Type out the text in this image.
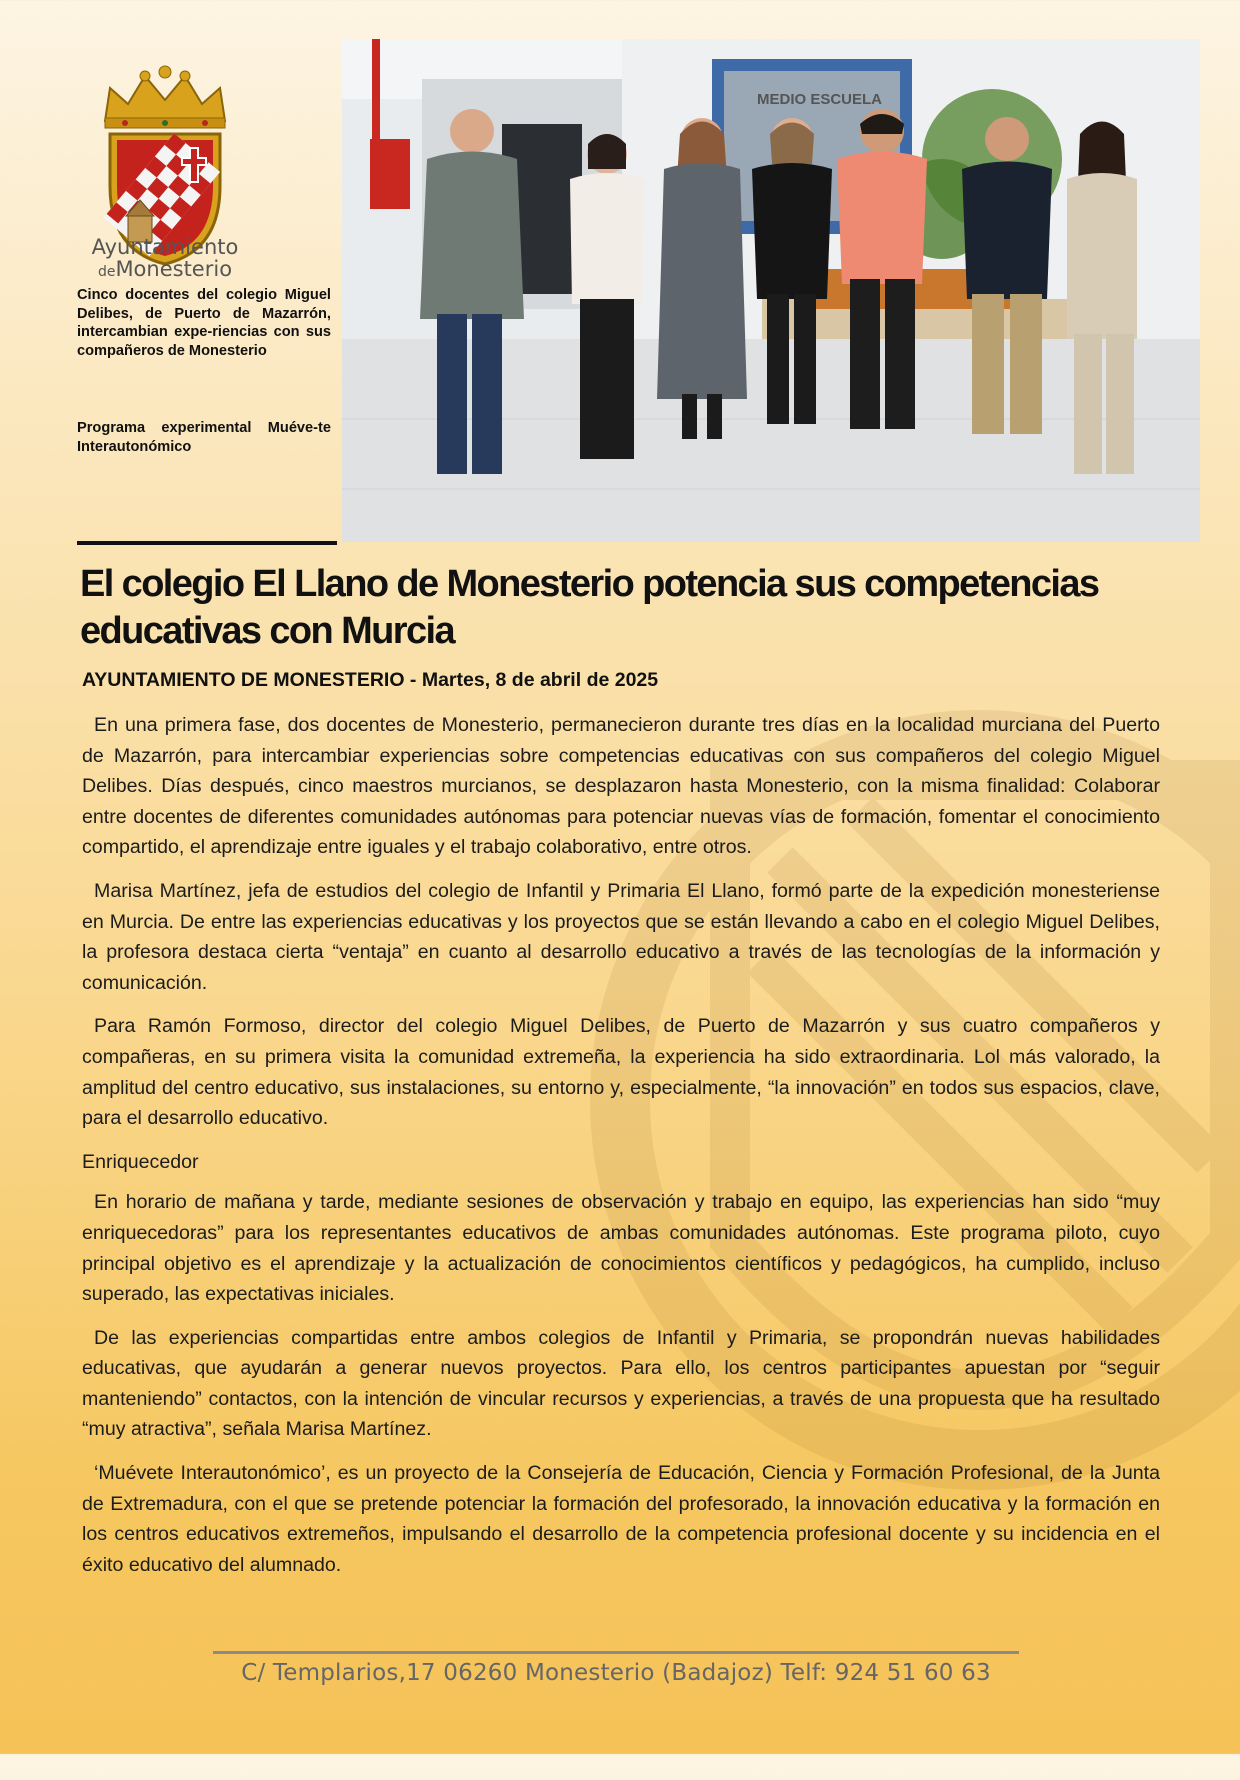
Ayuntamiento
deMonesterio
Cinco docentes del colegio Miguel Delibes, de Puerto de Mazarrón, intercambian expe-riencias con sus compañeros de Monesterio
Programa experimental Muéve-te Interautonómico
MEDIO ESCUELA
El colegio El Llano de Monesterio potencia sus competencias educativas con Murcia

AYUNTAMIENTO DE MONESTERIO - Martes, 8 de abril de 2025

En una primera fase, dos docentes de Monesterio, permanecieron durante tres días en la localidad murciana del Puerto de Mazarrón, para intercambiar experiencias sobre competencias educativas con sus compañeros del colegio Miguel Delibes. Días después, cinco maestros murcianos, se desplazaron hasta Monesterio, con la misma finalidad: Colaborar entre docentes de diferentes comunidades autónomas para potenciar nuevas vías de formación, fomentar el conocimiento compartido, el aprendizaje entre iguales y el trabajo colaborativo, entre otros.

Marisa Martínez, jefa de estudios del colegio de Infantil y Primaria El Llano, formó parte de la expedición monesteriense en Murcia. De entre las experiencias educativas y los proyectos que se están llevando a cabo en el colegio Miguel Delibes, la profesora destaca cierta “ventaja” en cuanto al desarrollo educativo a través de las tecnologías de la información y comunicación.

Para Ramón Formoso, director del colegio Miguel Delibes, de Puerto de Mazarrón y sus cuatro compañeros y compañeras, en su primera visita la comunidad extremeña, la experiencia ha sido extraordinaria. Lol más valorado, la amplitud del centro educativo, sus instalaciones, su entorno y, especialmente, “la innovación” en todos sus espacios, clave, para el desarrollo educativo.

Enriquecedor

En horario de mañana y tarde, mediante sesiones de observación y trabajo en equipo, las experiencias han sido “muy enriquecedoras” para los representantes educativos de ambas comunidades autónomas. Este programa piloto, cuyo principal objetivo es el aprendizaje y la actualización de conocimientos científicos y pedagógicos, ha cumplido, incluso superado, las expectativas iniciales.

De las experiencias compartidas entre ambos colegios de Infantil y Primaria, se propondrán nuevas habilidades educativas, que ayudarán a generar nuevos proyectos. Para ello, los centros participantes apuestan por “seguir manteniendo” contactos, con la intención de vincular recursos y experiencias, a través de una propuesta que ha resultado “muy atractiva”, señala Marisa Martínez.

‘Muévete Interautonómico’, es un proyecto de la Consejería de Educación, Ciencia y Formación Profesional, de la Junta de Extremadura, con el que se pretende potenciar la formación del profesorado, la innovación educativa y la formación en los centros educativos extremeños, impulsando el desarrollo de la competencia profesional docente y su incidencia en el éxito educativo del alumnado.

C/ Templarios,17 06260 Monesterio (Badajoz) Telf: 924 51 60 63
